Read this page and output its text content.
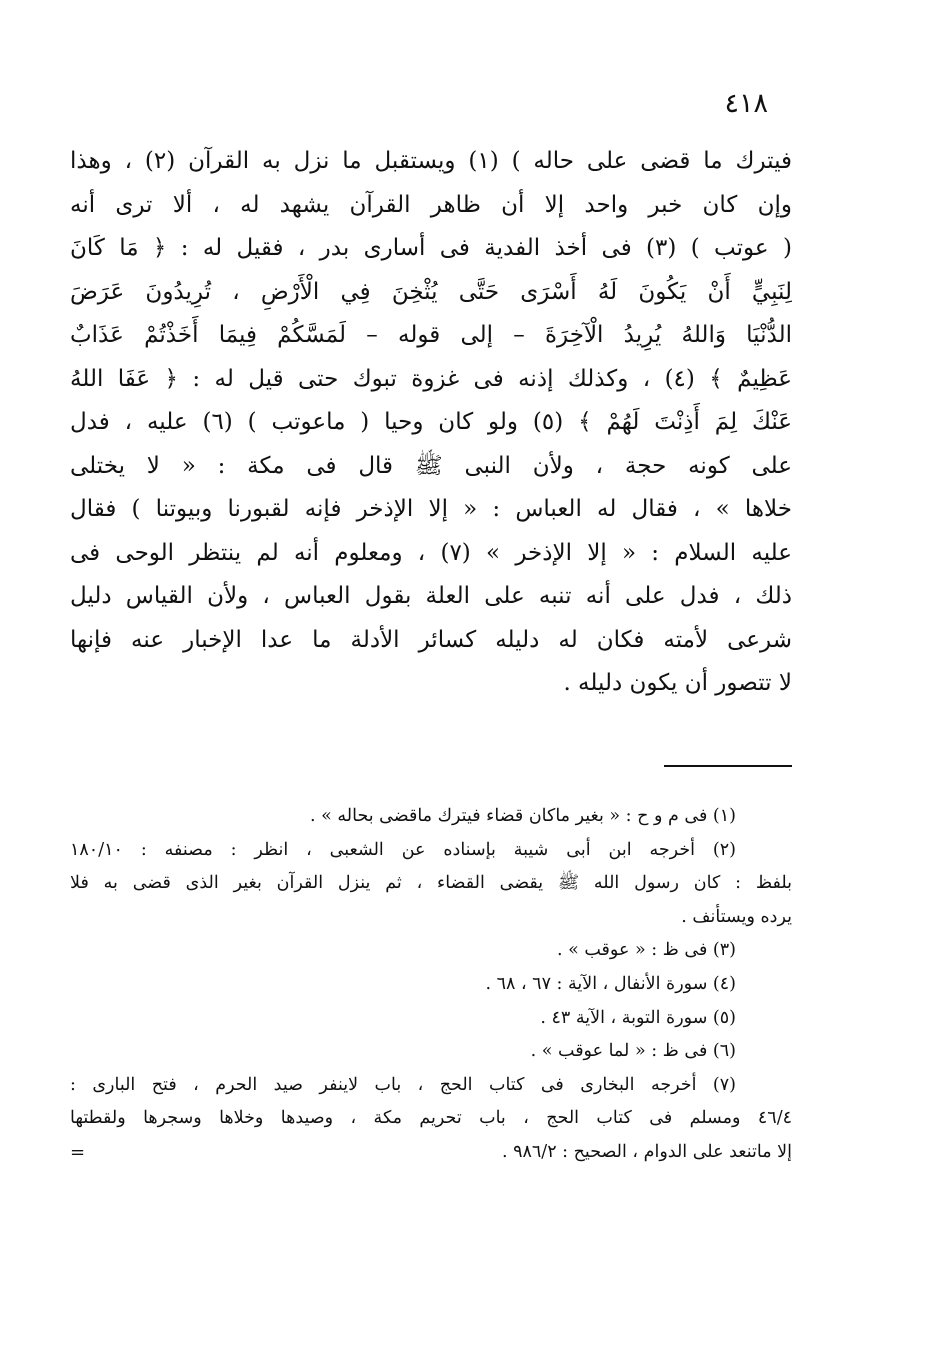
٤١٨
فيترك ما قضى على حاله ) (١) ويستقبل ما نزل به القرآن (٢) ، وهذا
وإن كان خبر واحد إلا أن ظاهر القرآن يشهد له ، ألا ترى أنه
( عوتب ) (٣) فى أخذ الفدية فى أسارى بدر ، فقيل له : ﴿ مَا كَانَ
لِنَبِيٍّ أَنْ يَكُونَ لَهُ أَسْرَى حَتَّى يُثْخِنَ فِي الْأَرْضِ ، تُرِيدُونَ عَرَضَ
الدُّنْيَا وَاللهُ يُرِيدُ الْآخِرَةَ – إلى قوله – لَمَسَّكُمْ فِيمَا أَخَذْتُمْ عَذَابٌ
عَظِيمٌ ﴾ (٤) ، وكذلك إذنه فى غزوة تبوك حتى قيل له : ﴿ عَفَا اللهُ
عَنْكَ لِمَ أَذِنْتَ لَهُمْ ﴾ (٥) ولو كان وحيا ( ماعوتب ) (٦) عليه ، فدل
على كونه حجة ، ولأن النبى ﷺ قال فى مكة : « لا يختلى
خلاها » ، فقال له العباس : « إلا الإذخر فإنه لقبورنا وبيوتنا ) فقال
عليه السلام : « إلا الإذخر » (٧) ، ومعلوم أنه لم ينتظر الوحى فى
ذلك ، فدل على أنه تنبه على العلة بقول العباس ، ولأن القياس دليل
شرعى لأمته فكان له دليله كسائر الأدلة ما عدا الإخبار عنه فإنها
لا تتصور أن يكون دليله .
(١) فى م و ح : « بغير ماكان قضاء فيترك ماقضى بحاله » .
(٢) أخرجه ابن أبى شيبة بإسناده عن الشعبى ، انظر : مصنفه : ١٨٠/١٠
بلفظ : كان رسول الله ﷺ يقضى القضاء ، ثم ينزل القرآن بغير الذى قضى به فلا
يرده ويستأنف .
(٣) فى ظ : « عوقب » .
(٤) سورة الأنفال ، الآية : ٦٧ ، ٦٨ .
(٥) سورة التوبة ، الآية ٤٣ .
(٦) فى ظ : « لما عوقب » .
(٧) أخرجه البخارى فى كتاب الحج ، باب لاينفر صيد الحرم ، فتح البارى :
٤٦/٤ ومسلم فى كتاب الحج ، باب تحريم مكة ، وصيدها وخلاها وسجرها ولقطتها
إلا ماتنعد على الدوام ، الصحيح : ٩٨٦/٢ .
=
